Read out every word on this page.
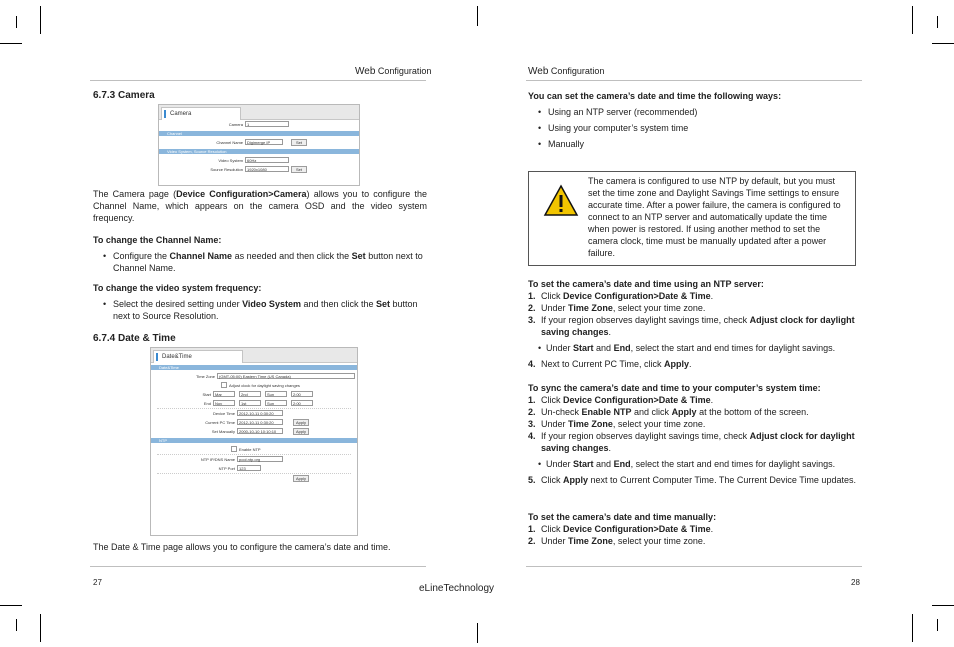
Web Configuration	Web Configuration
6.7.3 Camera
Camera
Camera	1
Channel
Channel Name	Digimerge IP	Set
Video System, Source Resolution
Video System	60Hz
Source Resolution	1920x1080	Set

The Camera page (Device Configuration>Camera) allows you to configure the Channel Name, which appears on the camera OSD and the video system frequency.

To change the Channel Name:

• Configure the Channel Name as needed and then click the Set button next to Channel Name.

To change the video system frequency:

• Select the desired setting under Video System and then click the Set button next to Source Resolution.

6.7.4 Date & Time
Date&Time
Date&Time
Time Zone	(GMT-05:00) Eastern Time (US Canada)
Adjust clock for daylight saving changes
Start	Mar	2nd	Sun	2:00
End	Nov	1st	Sun	2:00
Device Time	2012-10-11 0:30:20
Current PC Time	2012-10-11 0:30:20	Apply
Set Manually	2000-10-10 10:10:10	Apply
NTP
Enable NTP
NTP IP/DNS Name	pool.ntp.org
NTP Port	123
Apply

The Date & Time page allows you to configure the camera’s date and time.

You can set the camera’s date and time the following ways:

• Using an NTP server (recommended)

• Using your computer’s system time

• Manually

The camera is configured to use NTP by default, but you must set the time zone and Daylight Savings Time settings to ensure accurate time. After a power failure, the camera is configured to connect to an NTP server and automatically update the time when power is restored. If using another method to set the camera clock, time must be manually updated after a power failure.

To set the camera’s date and time using an NTP server:

1. Click Device Configuration>Date & Time.

2. Under Time Zone, select your time zone.

3. If your region observes daylight savings time, check Adjust clock for daylight saving changes.

• Under Start and End, select the start and end times for daylight savings.

4. Next to Current PC Time, click Apply.

To sync the camera’s date and time to your computer’s system time:

1. Click Device Configuration>Date & Time.

2. Un-check Enable NTP and click Apply at the bottom of the screen.

3. Under Time Zone, select your time zone.

4. If your region observes daylight savings time, check Adjust clock for daylight saving changes.

• Under Start and End, select the start and end times for daylight savings.

5. Click Apply next to Current Computer Time. The Current Device Time updates.

To set the camera’s date and time manually:

1. Click Device Configuration>Date & Time.

2. Under Time Zone, select your time zone.

27	28
eLineTechnology
